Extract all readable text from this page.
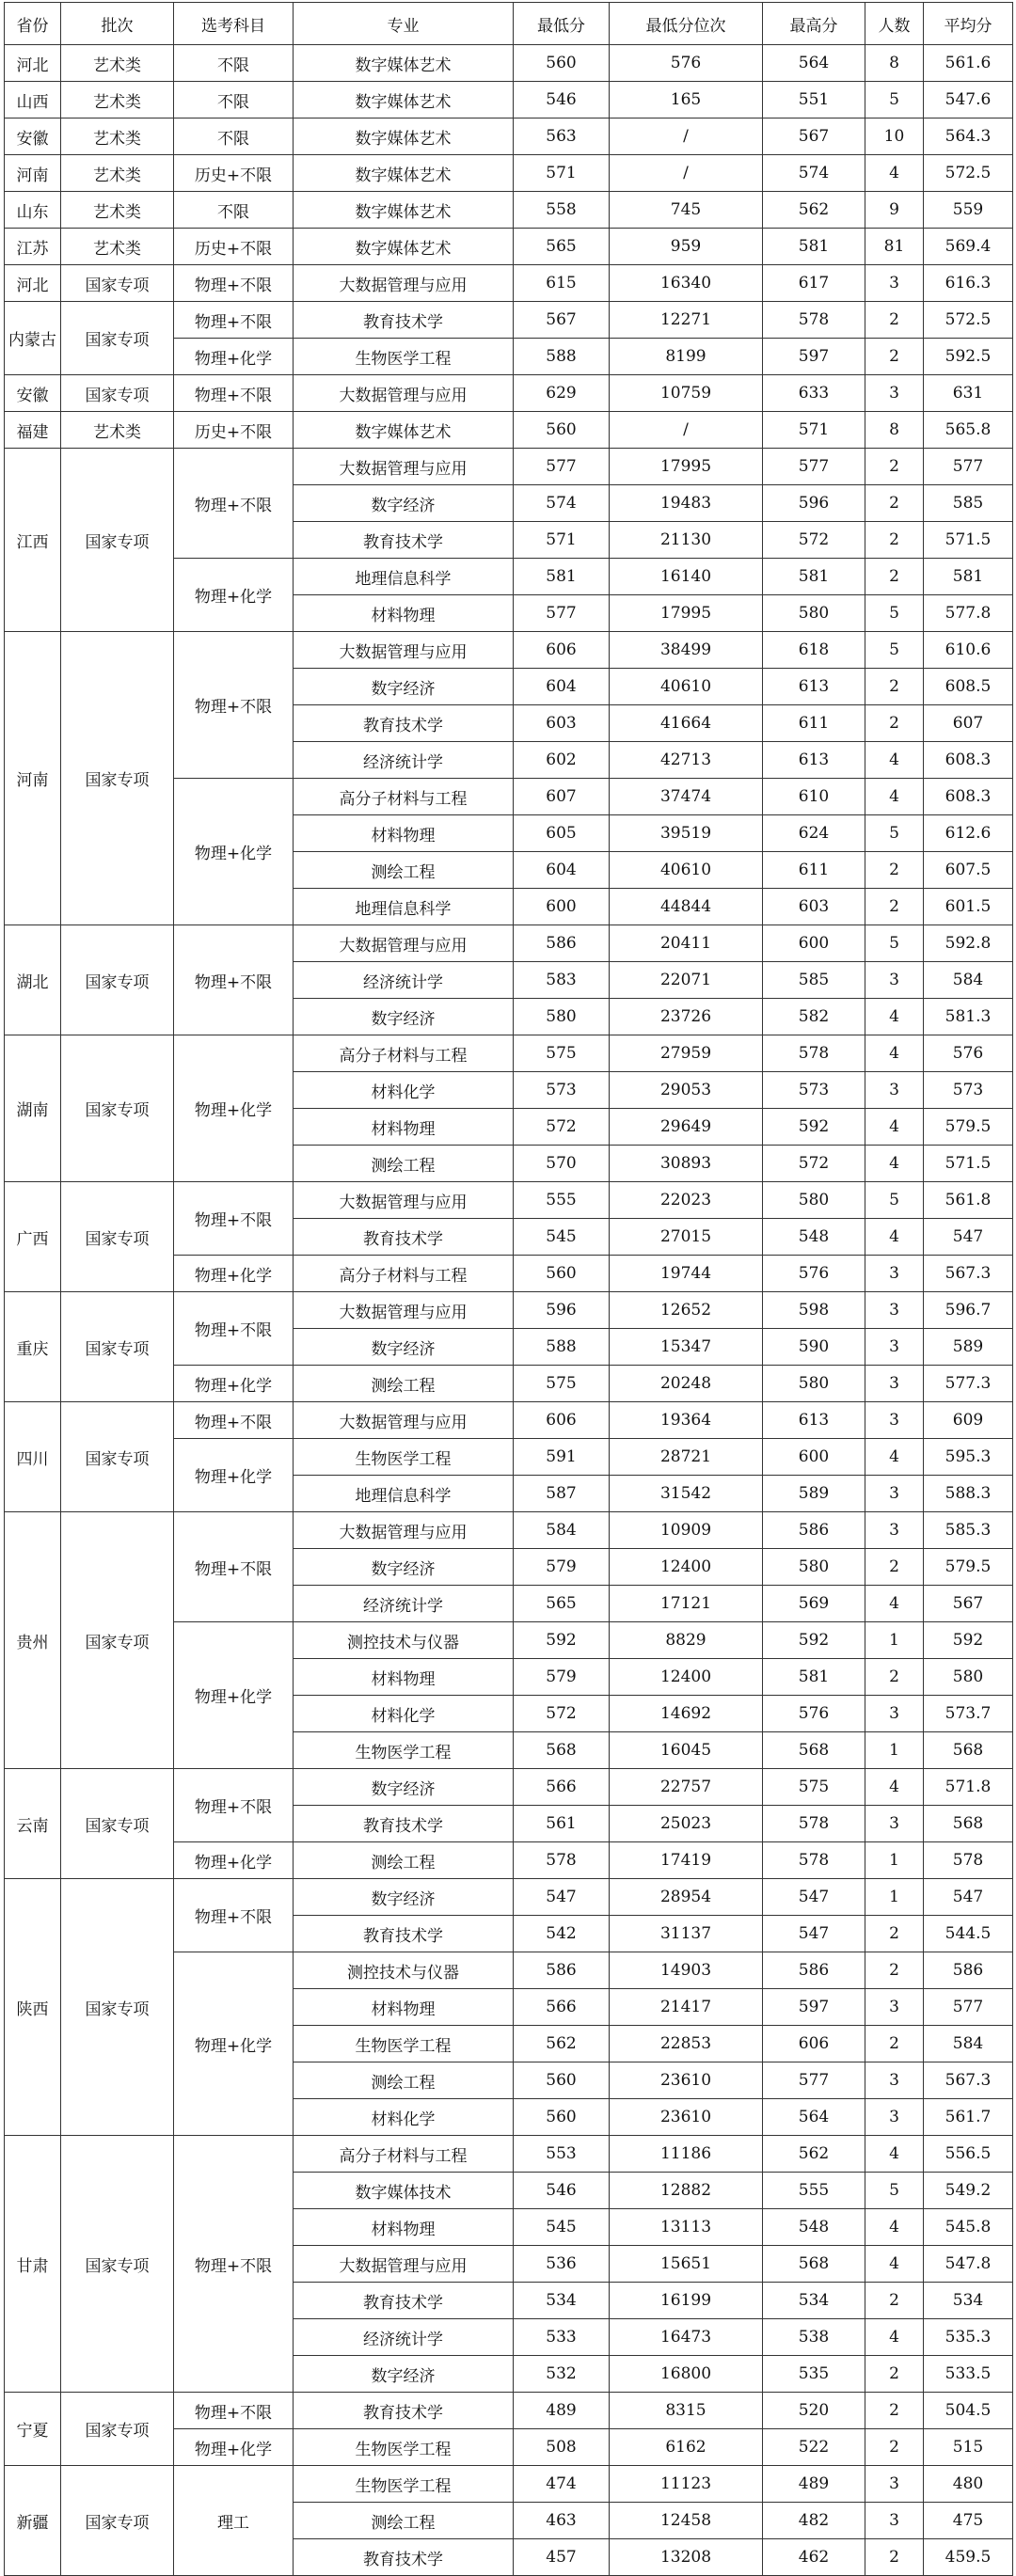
省份	批次	选考科目	专业	最低分	最低分位次	最高分	人数	平均分
河北	艺术类	不限	数字媒体艺术	560	576	564	8	561.6
山西	艺术类	不限	数字媒体艺术	546	165	551	5	547.6
安徽	艺术类	不限	数字媒体艺术	563	/	567	10	564.3
河南	艺术类	历史+不限	数字媒体艺术	571	/	574	4	572.5
山东	艺术类	不限	数字媒体艺术	558	745	562	9	559
江苏	艺术类	历史+不限	数字媒体艺术	565	959	581	81	569.4
河北	国家专项	物理+不限	大数据管理与应用	615	16340	617	3	616.3
内蒙古	国家专项	物理+不限	教育技术学	567	12271	578	2	572.5
		物理+化学	生物医学工程	588	8199	597	2	592.5
安徽	国家专项	物理+不限	大数据管理与应用	629	10759	633	3	631
福建	艺术类	历史+不限	数字媒体艺术	560	/	571	8	565.8
江西	国家专项	物理+不限	大数据管理与应用	577	17995	577	2	577
			数字经济	574	19483	596	2	585
			教育技术学	571	21130	572	2	571.5
		物理+化学	地理信息科学	581	16140	581	2	581
			材料物理	577	17995	580	5	577.8
河南	国家专项	物理+不限	大数据管理与应用	606	38499	618	5	610.6
			数字经济	604	40610	613	2	608.5
			教育技术学	603	41664	611	2	607
			经济统计学	602	42713	613	4	608.3
		物理+化学	高分子材料与工程	607	37474	610	4	608.3
			材料物理	605	39519	624	5	612.6
			测绘工程	604	40610	611	2	607.5
			地理信息科学	600	44844	603	2	601.5
湖北	国家专项	物理+不限	大数据管理与应用	586	20411	600	5	592.8
			经济统计学	583	22071	585	3	584
			数字经济	580	23726	582	4	581.3
湖南	国家专项	物理+化学	高分子材料与工程	575	27959	578	4	576
			材料化学	573	29053	573	3	573
			材料物理	572	29649	592	4	579.5
			测绘工程	570	30893	572	4	571.5
广西	国家专项	物理+不限	大数据管理与应用	555	22023	580	5	561.8
			教育技术学	545	27015	548	4	547
		物理+化学	高分子材料与工程	560	19744	576	3	567.3
重庆	国家专项	物理+不限	大数据管理与应用	596	12652	598	3	596.7
			数字经济	588	15347	590	3	589
		物理+化学	测绘工程	575	20248	580	3	577.3
四川	国家专项	物理+不限	大数据管理与应用	606	19364	613	3	609
		物理+化学	生物医学工程	591	28721	600	4	595.3
			地理信息科学	587	31542	589	3	588.3
贵州	国家专项	物理+不限	大数据管理与应用	584	10909	586	3	585.3
			数字经济	579	12400	580	2	579.5
			经济统计学	565	17121	569	4	567
		物理+化学	测控技术与仪器	592	8829	592	1	592
			材料物理	579	12400	581	2	580
			材料化学	572	14692	576	3	573.7
			生物医学工程	568	16045	568	1	568
云南	国家专项	物理+不限	数字经济	566	22757	575	4	571.8
			教育技术学	561	25023	578	3	568
		物理+化学	测绘工程	578	17419	578	1	578
陕西	国家专项	物理+不限	数字经济	547	28954	547	1	547
			教育技术学	542	31137	547	2	544.5
		物理+化学	测控技术与仪器	586	14903	586	2	586
			材料物理	566	21417	597	3	577
			生物医学工程	562	22853	606	2	584
			测绘工程	560	23610	577	3	567.3
			材料化学	560	23610	564	3	561.7
甘肃	国家专项	物理+不限	高分子材料与工程	553	11186	562	4	556.5
			数字媒体技术	546	12882	555	5	549.2
			材料物理	545	13113	548	4	545.8
			大数据管理与应用	536	15651	568	4	547.8
			教育技术学	534	16199	534	2	534
			经济统计学	533	16473	538	4	535.3
			数字经济	532	16800	535	2	533.5
宁夏	国家专项	物理+不限	教育技术学	489	8315	520	2	504.5
		物理+化学	生物医学工程	508	6162	522	2	515
新疆	国家专项	理工	生物医学工程	474	11123	489	3	480
			测绘工程	463	12458	482	3	475
			教育技术学	457	13208	462	2	459.5
